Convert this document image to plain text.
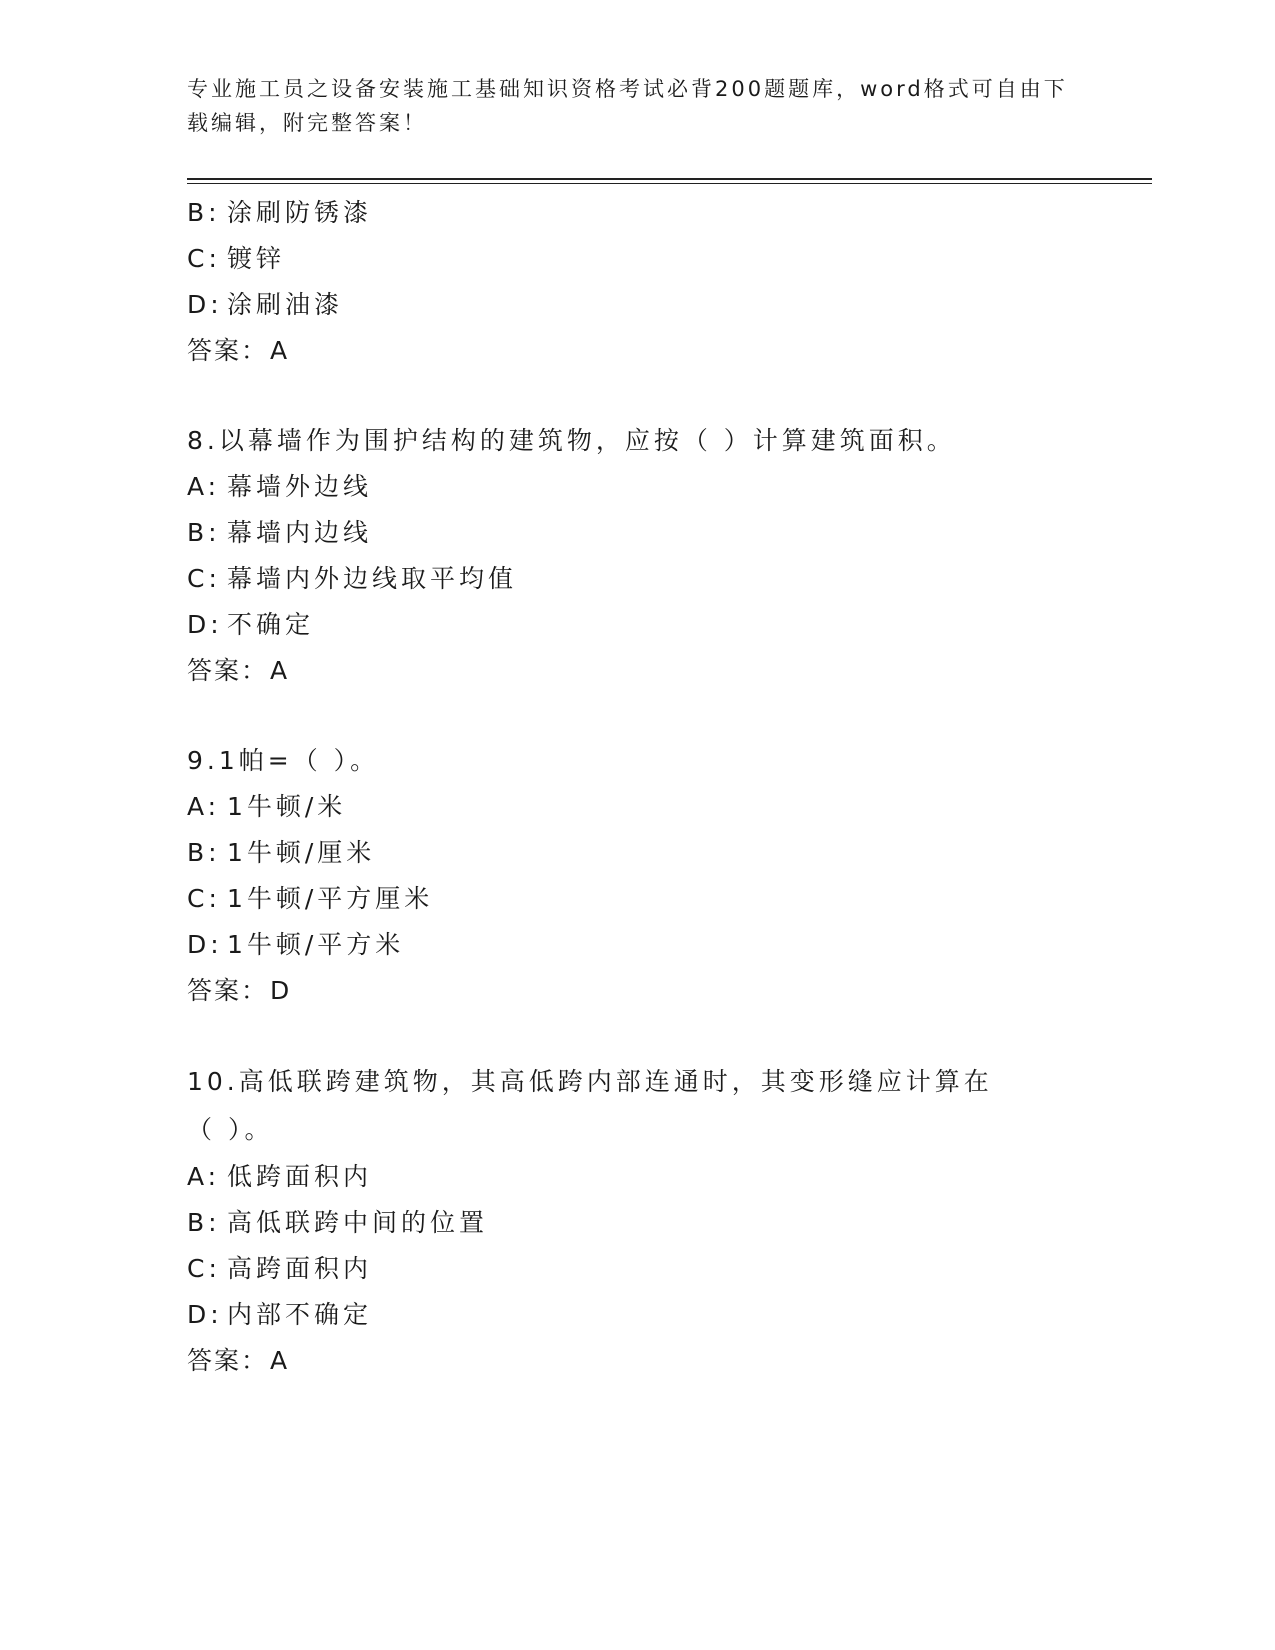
专业施工员之设备安装施工基础知识资格考试必背200题题库，word格式可自由下载编辑，附完整答案！
B: 涂刷防锈漆
C: 镀锌
D: 涂刷油漆
答案：A
8.以幕墙作为围护结构的建筑物，应按（ ）计算建筑面积。
A: 幕墙外边线
B: 幕墙内边线
C: 幕墙内外边线取平均值
D: 不确定
答案：A
9.1帕=（ ）。
A: 1牛顿/米
B: 1牛顿/厘米
C: 1牛顿/平方厘米
D: 1牛顿/平方米
答案：D
10.高低联跨建筑物，其高低跨内部连通时，其变形缝应计算在（ ）。
A: 低跨面积内
B: 高低联跨中间的位置
C: 高跨面积内
D: 内部不确定
答案：A
